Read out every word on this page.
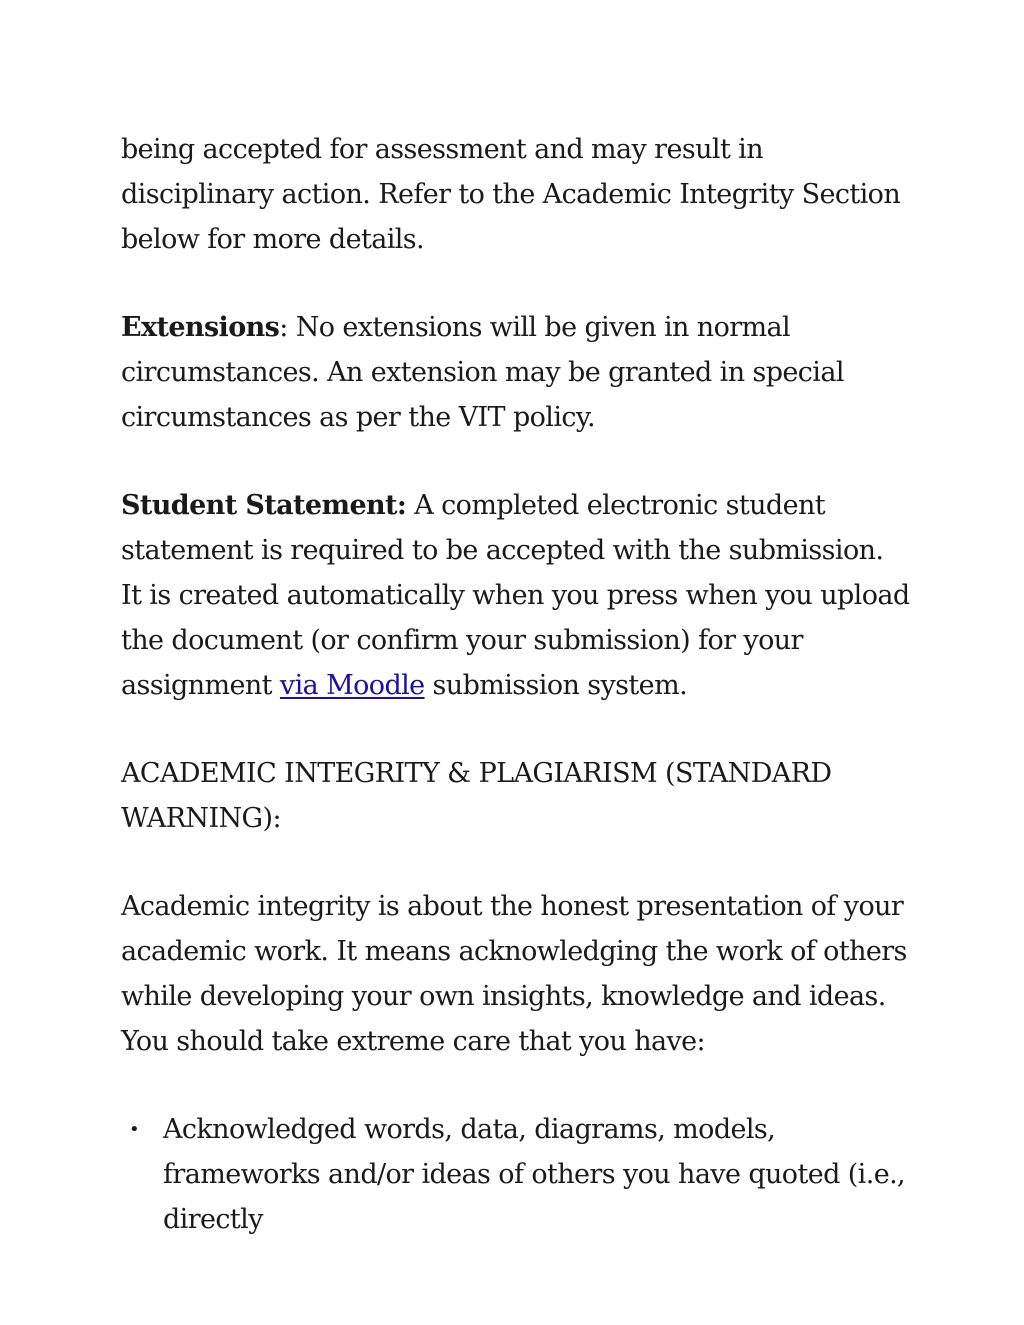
being accepted for assessment and may result in disciplinary action. Refer to the Academic Integrity Section below for more details.

Extensions: No extensions will be given in normal circumstances. An extension may be granted in special circumstances as per the VIT policy.

Student Statement: A completed electronic student statement is required to be accepted with the submission. It is created automatically when you press when you upload the document (or confirm your submission) for your assignment via Moodle submission system.

ACADEMIC INTEGRITY & PLAGIARISM (STANDARD WARNING):

Academic integrity is about the honest presentation of your academic work. It means acknowledging the work of others while developing your own insights, knowledge and ideas. You should take extreme care that you have:

• Acknowledged words, data, diagrams, models, frameworks and/or ideas of others you have quoted (i.e., directly
